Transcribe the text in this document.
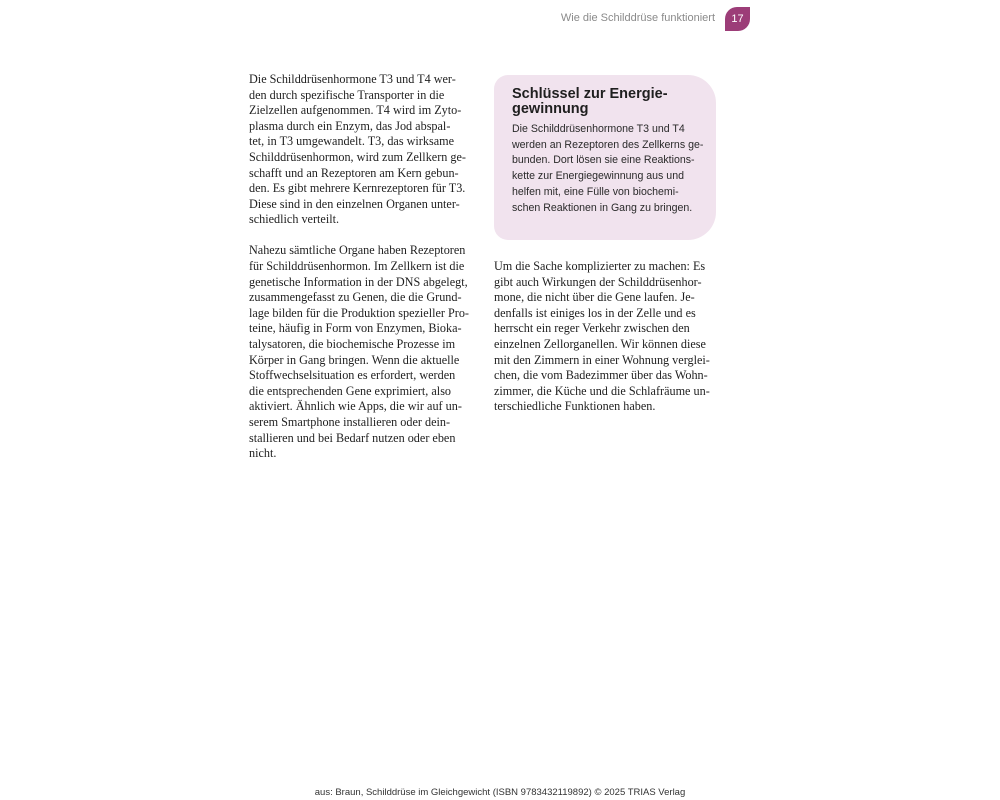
Wie die Schilddrüse funktioniert	17

Die Schilddrüsenhormone T3 und T4 wer-
den durch spezifische Transporter in die
Zielzellen aufgenommen. T4 wird im Zyto-
plasma durch ein Enzym, das Jod abspal-
tet, in T3 umgewandelt. T3, das wirksame
Schilddrüsenhormon, wird zum Zellkern ge-
schafft und an Rezeptoren am Kern gebun-
den. Es gibt mehrere Kernrezeptoren für T3.
Diese sind in den einzelnen Organen unter-
schiedlich verteilt.

Nahezu sämtliche Organe haben Rezeptoren
für Schilddrüsenhormon. Im Zellkern ist die
genetische Information in der DNS abgelegt,
zusammengefasst zu Genen, die die Grund-
lage bilden für die Produktion spezieller Pro-
teine, häufig in Form von Enzymen, Bioka-
talysatoren, die biochemische Prozesse im
Körper in Gang bringen. Wenn die aktuelle
Stoffwechselsituation es erfordert, werden
die entsprechenden Gene exprimiert, also
aktiviert. Ähnlich wie Apps, die wir auf un-
serem Smartphone installieren oder dein-
stallieren und bei Bedarf nutzen oder eben
nicht.

Schlüssel zur Energie-
gewinnung
Die Schilddrüsenhormone T3 und T4
werden an Rezeptoren des Zellkerns ge-
bunden. Dort lösen sie eine Reaktions-
kette zur Energiegewinnung aus und
helfen mit, eine Fülle von biochemi-
schen Reaktionen in Gang zu bringen.
Um die Sache komplizierter zu machen: Es
gibt auch Wirkungen der Schilddrüsenhor-
mone, die nicht über die Gene laufen. Je-
denfalls ist einiges los in der Zelle und es
herrscht ein reger Verkehr zwischen den
einzelnen Zellorganellen. Wir können diese
mit den Zimmern in einer Wohnung verglei-
chen, die vom Badezimmer über das Wohn-
zimmer, die Küche und die Schlafräume un-
terschiedliche Funktionen haben.
aus: Braun, Schilddrüse im Gleichgewicht (ISBN 9783432119892) © 2025 TRIAS Verlag
